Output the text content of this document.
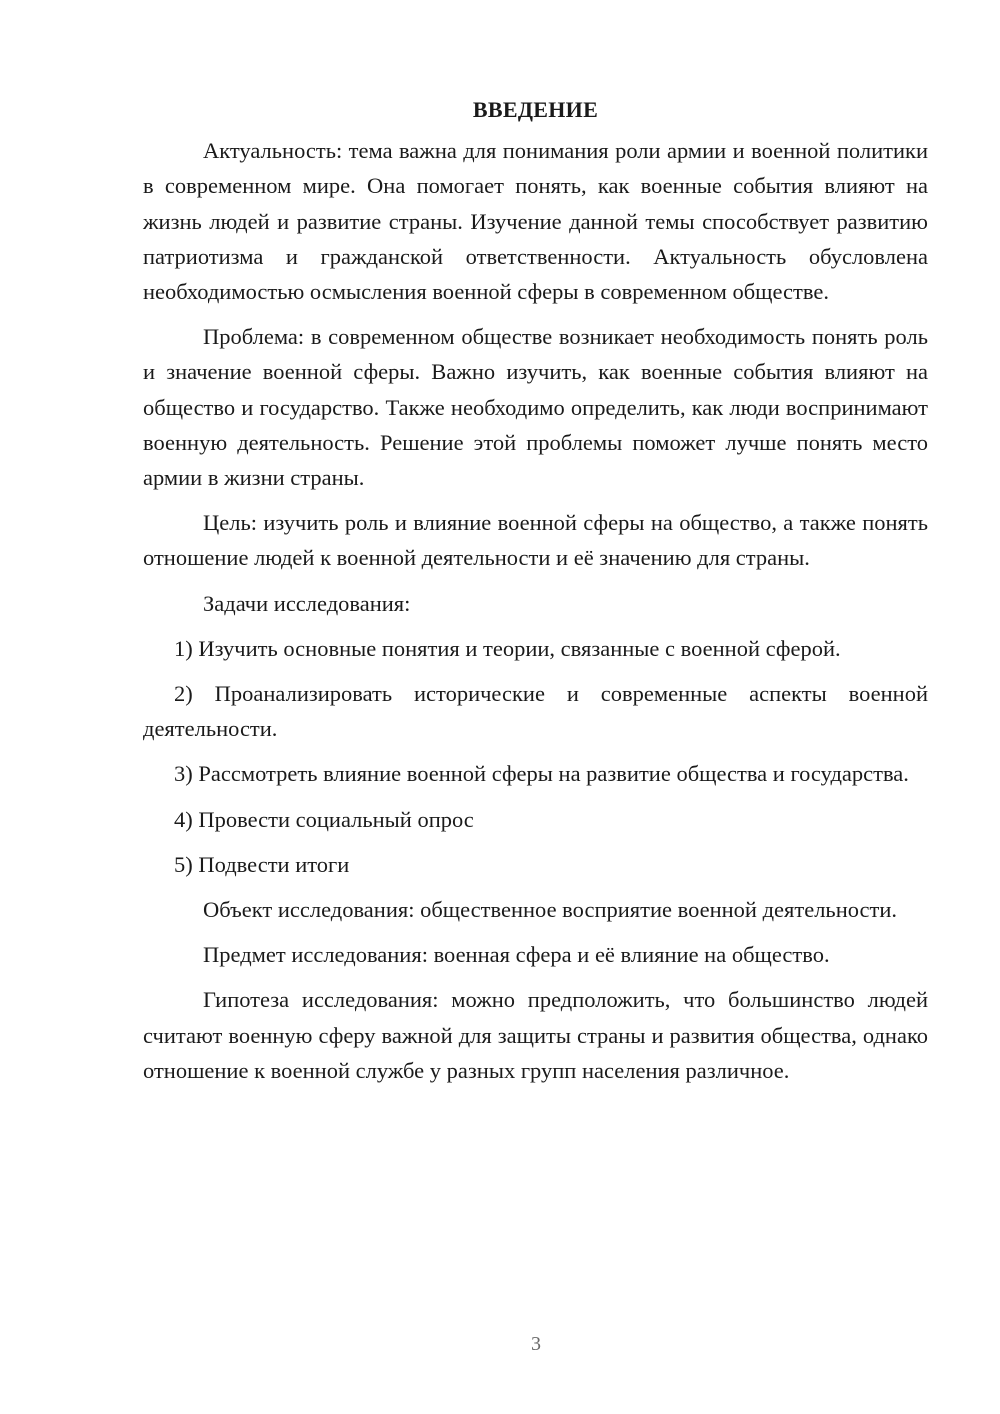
ВВЕДЕНИЕ

Актуальность: тема важна для понимания роли армии и военной политики в современном мире. Она помогает понять, как военные события влияют на жизнь людей и развитие страны. Изучение данной темы способствует развитию патриотизма и гражданской ответственности. Актуальность обусловлена необходимостью осмысления военной сферы в современном обществе.

Проблема: в современном обществе возникает необходимость понять роль и значение военной сферы. Важно изучить, как военные события влияют на общество и государство. Также необходимо определить, как люди воспринимают военную деятельность. Решение этой проблемы поможет лучше понять место армии в жизни страны.

Цель: изучить роль и влияние военной сферы на общество, а также понять отношение людей к военной деятельности и её значению для страны.

Задачи исследования:

1) Изучить основные понятия и теории, связанные с военной сферой.

2) Проанализировать исторические и современные аспекты военной деятельности.

3) Рассмотреть влияние военной сферы на развитие общества и государства.

4) Провести социальный опрос

5) Подвести итоги

Объект исследования: общественное восприятие военной деятельности.

Предмет исследования: военная сфера и её влияние на общество.

Гипотеза исследования: можно предположить, что большинство людей считают военную сферу важной для защиты страны и развития общества, однако отношение к военной службе у разных групп населения различное.

3
